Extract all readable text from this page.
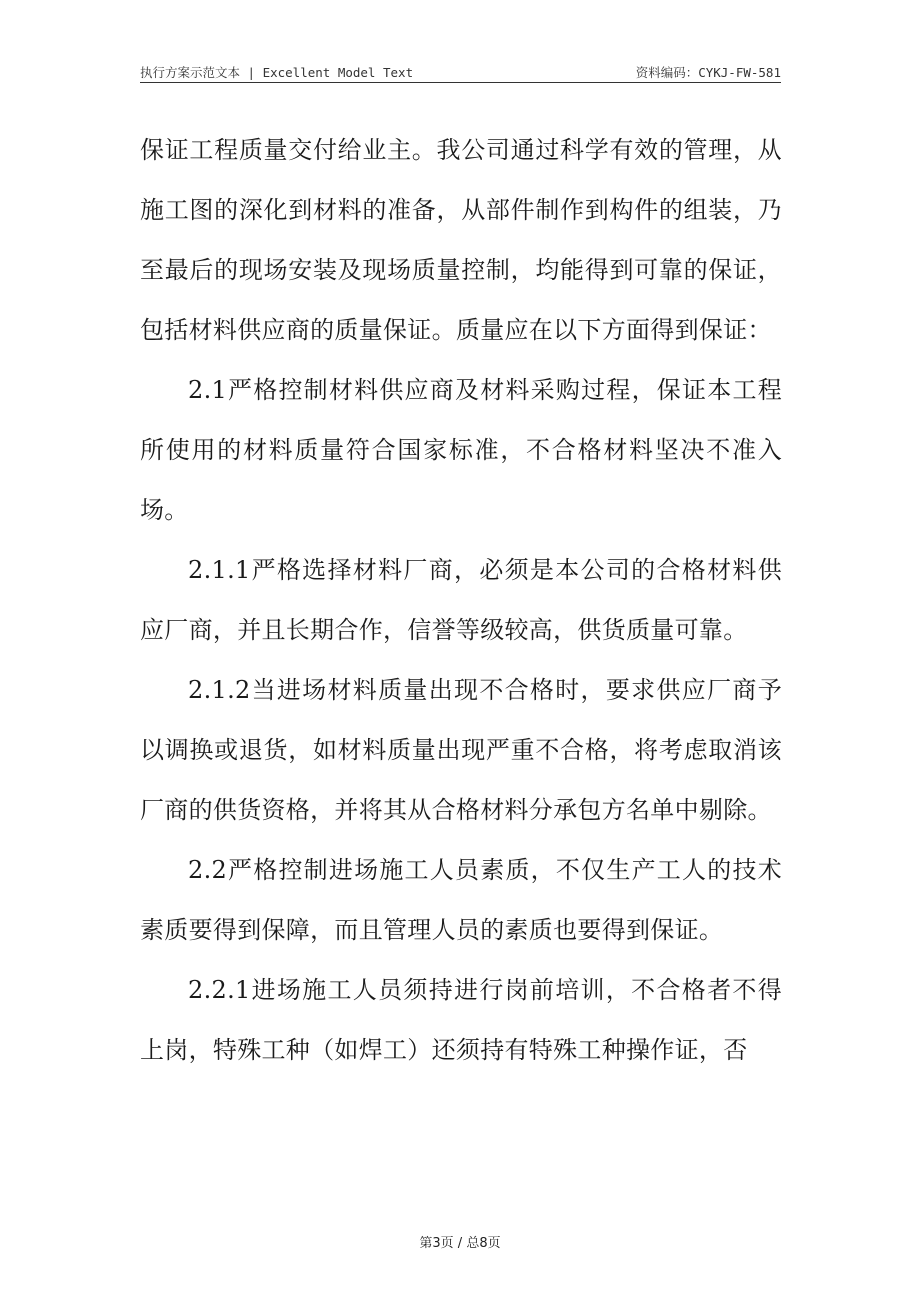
执行方案示范文本 | Excellent Model Text	资料编码：CYKJ-FW-581

保证工程质量交付给业主。我公司通过科学有效的管理，从施工图的深化到材料的准备，从部件制作到构件的组装，乃至最后的现场安装及现场质量控制，均能得到可靠的保证，包括材料供应商的质量保证。质量应在以下方面得到保证：

2.1严格控制材料供应商及材料采购过程，保证本工程所使用的材料质量符合国家标准，不合格材料坚决不准入场。

2.1.1严格选择材料厂商，必须是本公司的合格材料供应厂商，并且长期合作，信誉等级较高，供货质量可靠。

2.1.2当进场材料质量出现不合格时，要求供应厂商予以调换或退货，如材料质量出现严重不合格，将考虑取消该厂商的供货资格，并将其从合格材料分承包方名单中剔除。

2.2严格控制进场施工人员素质，不仅生产工人的技术素质要得到保障，而且管理人员的素质也要得到保证。

2.2.1进场施工人员须持进行岗前培训，不合格者不得上岗，特殊工种（如焊工）还须持有特殊工种操作证，否

第3页 / 总8页
